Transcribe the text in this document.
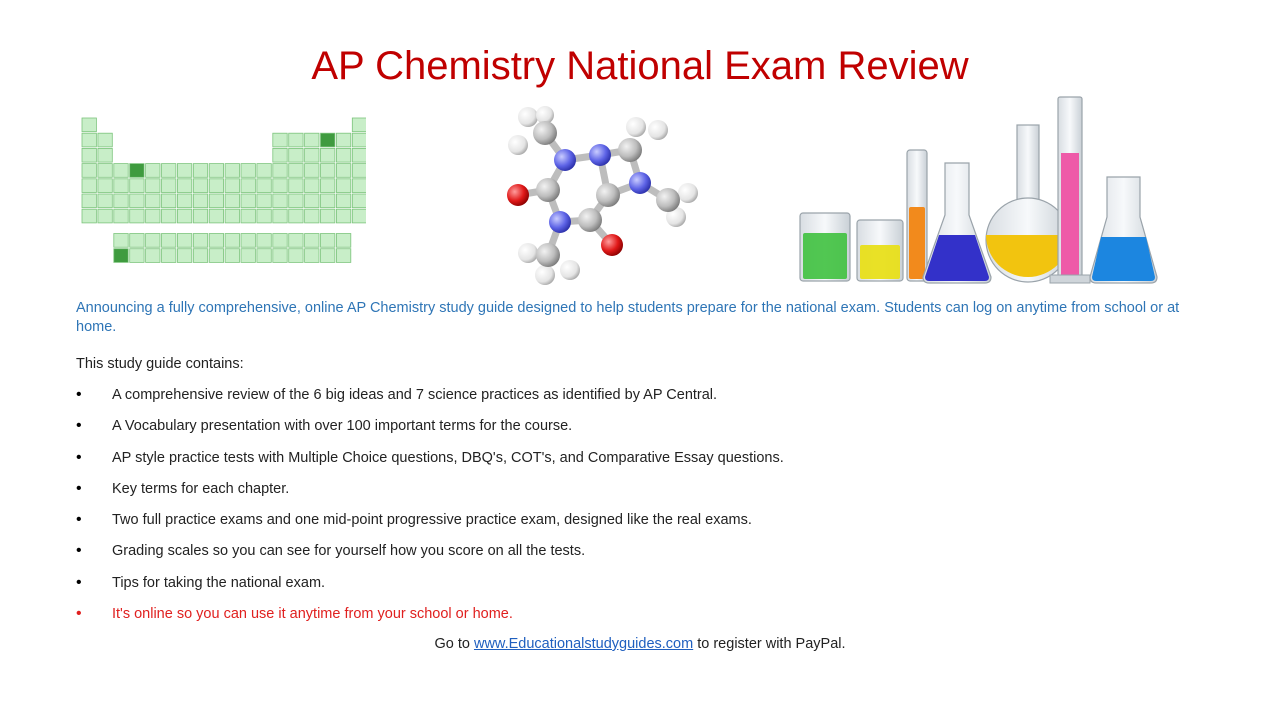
AP Chemistry National Exam Review

Announcing a fully comprehensive, online AP Chemistry study guide designed to help students prepare for the national exam. Students can log on anytime from school or at home.

This study guide contains:

• A comprehensive review of the 6 big ideas and 7 science practices as identified by AP Central.
• A Vocabulary presentation with over 100 important terms for the course.
• AP style practice tests with Multiple Choice questions, DBQ's, COT's, and Comparative Essay questions.
• Key terms for each chapter.
• Two full practice exams and one mid-point progressive practice exam, designed like the real exams.
• Grading scales so you can see for yourself how you score on all the tests.
• Tips for taking the national exam.
• It's online so you can use it anytime from your school or home.

Go to www.Educationalstudyguides.com to register with PayPal.
